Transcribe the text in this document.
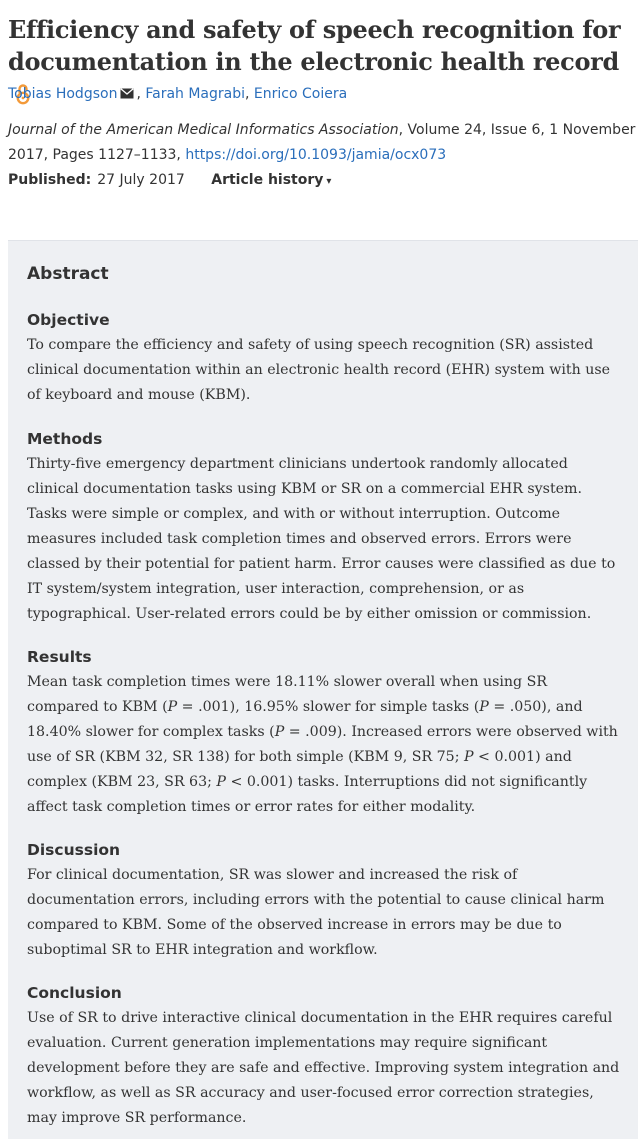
Efficiency and safety of speech recognition for documentation in the electronic health record
Tobias Hodgson , Farah Magrabi, Enrico Coiera
Journal of the American Medical Informatics Association, Volume 24, Issue 6, 1 November 2017, Pages 1127–1133, https://doi.org/10.1093/jamia/ocx073
Published: 27 July 2017 Article history ▾
Abstract
Objective

To compare the efficiency and safety of using speech recognition (SR) assisted clinical documentation within an electronic health record (EHR) system with use of keyboard and mouse (KBM).

Methods

Thirty-five emergency department clinicians undertook randomly allocated clinical documentation tasks using KBM or SR on a commercial EHR system. Tasks were simple or complex, and with or without interruption. Outcome measures included task completion times and observed errors. Errors were classed by their potential for patient harm. Error causes were classified as due to IT system/system integration, user interaction, comprehension, or as typographical. User-related errors could be by either omission or commission.

Results

Mean task completion times were 18.11% slower overall when using SR compared to KBM (P = .001), 16.95% slower for simple tasks (P = .050), and 18.40% slower for complex tasks (P = .009). Increased errors were observed with use of SR (KBM 32, SR 138) for both simple (KBM 9, SR 75; P < 0.001) and complex (KBM 23, SR 63; P < 0.001) tasks. Interruptions did not significantly affect task completion times or error rates for either modality.

Discussion

For clinical documentation, SR was slower and increased the risk of documentation errors, including errors with the potential to cause clinical harm compared to KBM. Some of the observed increase in errors may be due to suboptimal SR to EHR integration and workflow.

Conclusion

Use of SR to drive interactive clinical documentation in the EHR requires careful evaluation. Current generation implementations may require significant development before they are safe and effective. Improving system integration and workflow, as well as SR accuracy and user-focused error correction strategies, may improve SR performance.
